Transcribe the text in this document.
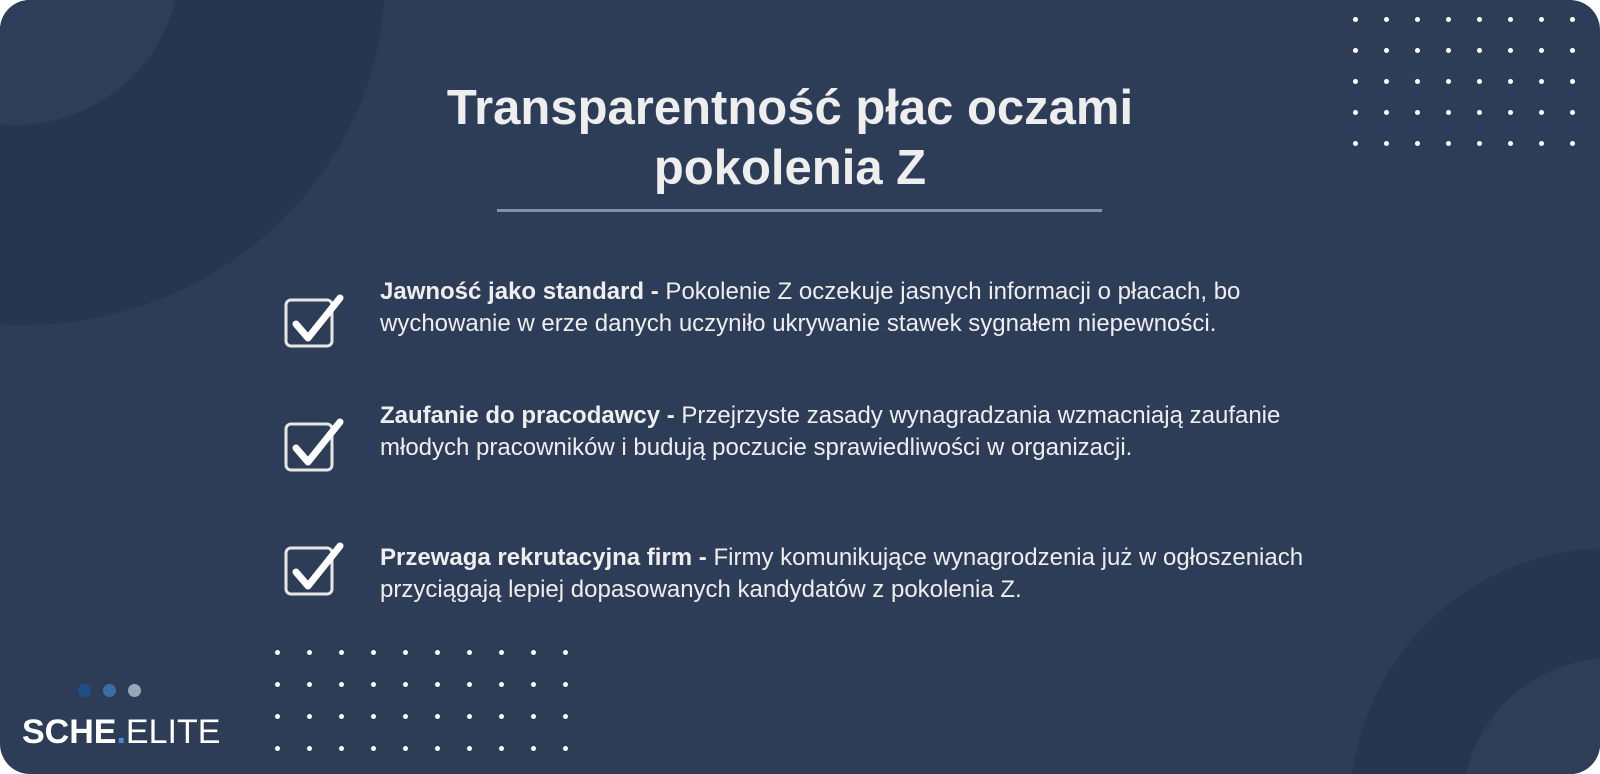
Transparentność płac oczami
pokolenia Z
Jawność jako standard - Pokolenie Z oczekuje jasnych informacji o płacach, bo wychowanie w erze danych uczyniło ukrywanie stawek sygnałem niepewności.
Zaufanie do pracodawcy - Przejrzyste zasady wynagradzania wzmacniają zaufanie młodych pracowników i budują poczucie sprawiedliwości w organizacji.
Przewaga rekrutacyjna firm - Firmy komunikujące wynagrodzenia już w ogłoszeniach przyciągają lepiej dopasowanych kandydatów z pokolenia Z.
SCHE.ELITE
